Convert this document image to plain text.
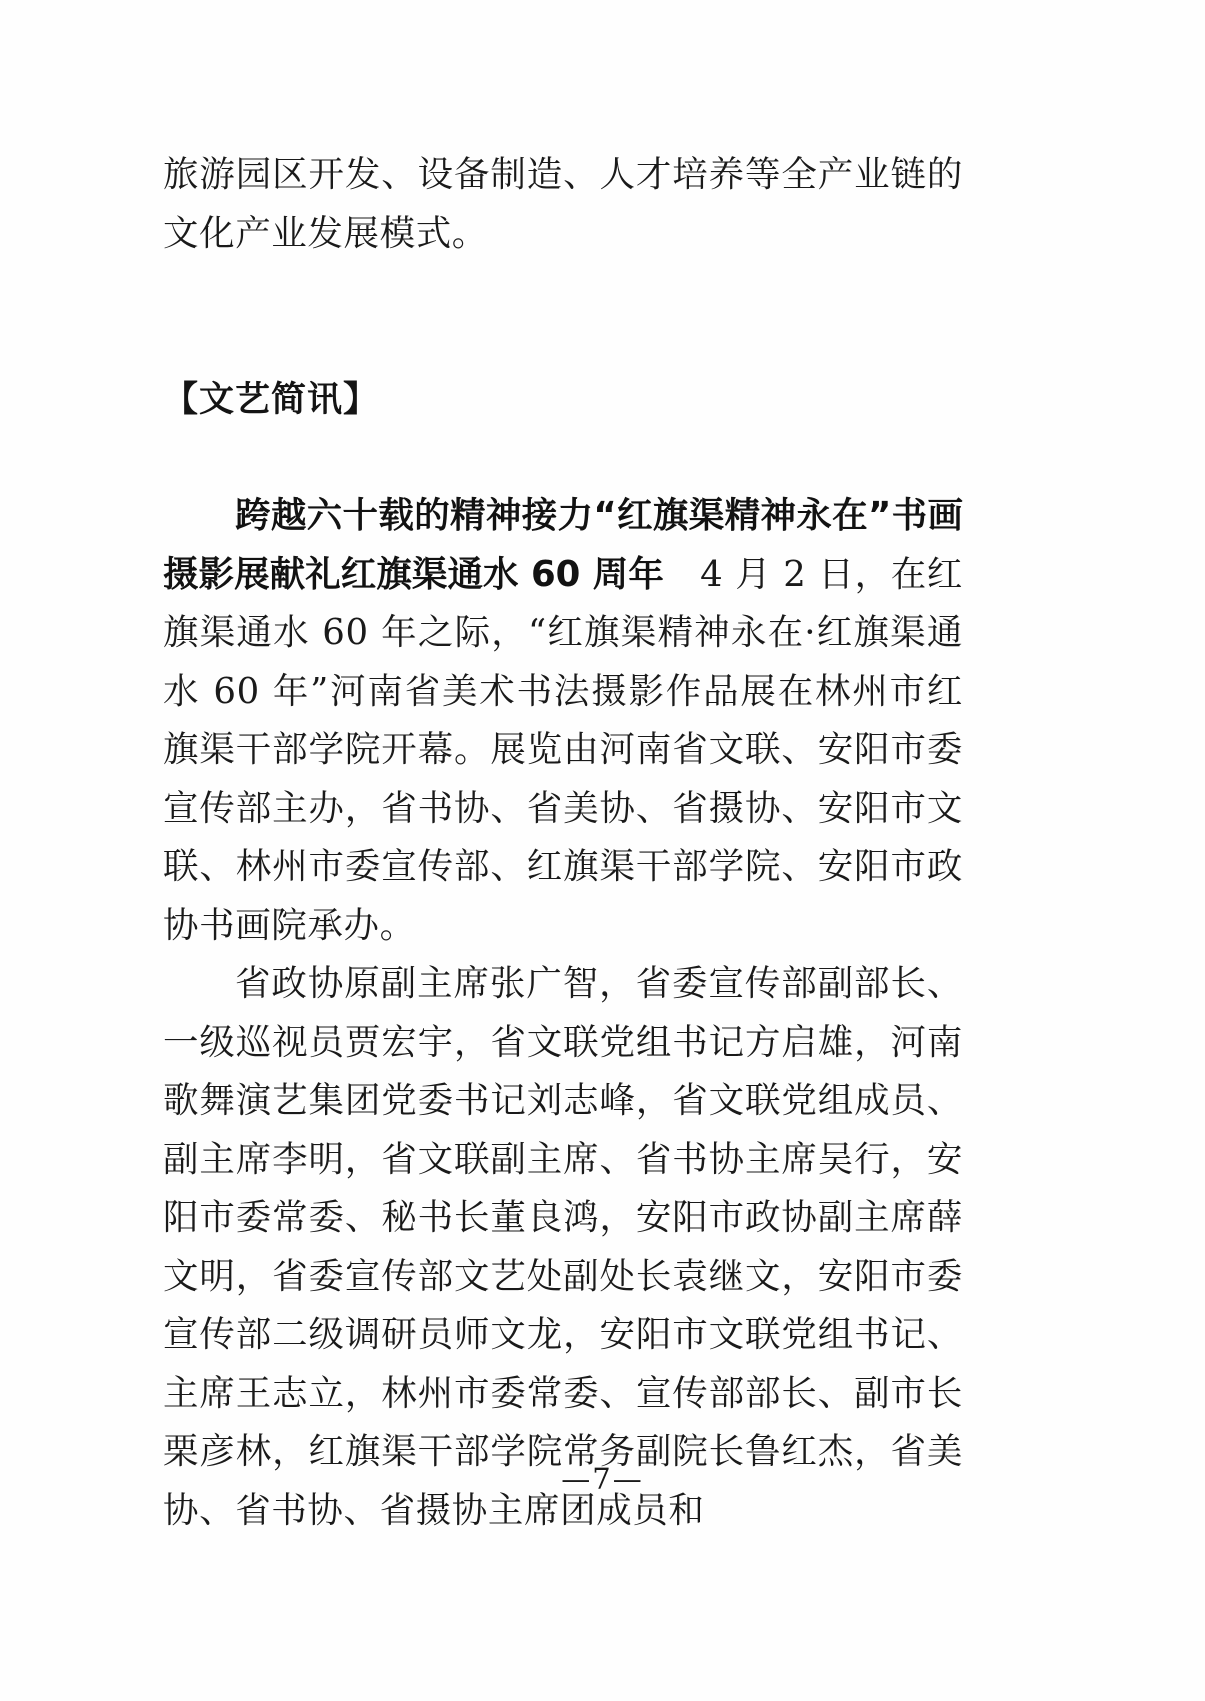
旅游园区开发、设备制造、人才培养等全产业链的文化产业发展模式。

【文艺简讯】

跨越六十载的精神接力“红旗渠精神永在”书画摄影展献礼红旗渠通水 60 周年　 4 月 2 日，在红旗渠通水 60 年之际，“红旗渠精神永在·红旗渠通水 60 年”河南省美术书法摄影作品展在林州市红旗渠干部学院开幕。展览由河南省文联、安阳市委宣传部主办，省书协、省美协、省摄协、安阳市文联、林州市委宣传部、红旗渠干部学院、安阳市政协书画院承办。

省政协原副主席张广智，省委宣传部副部长、一级巡视员贾宏宇，省文联党组书记方启雄，河南歌舞演艺集团党委书记刘志峰，省文联党组成员、副主席李明，省文联副主席、省书协主席吴行，安阳市委常委、秘书长董良鸿，安阳市政协副主席薛文明，省委宣传部文艺处副处长袁继文，安阳市委宣传部二级调研员师文龙，安阳市文联党组书记、主席王志立，林州市委常委、宣传部部长、副市长栗彦林，红旗渠干部学院常务副院长鲁红杰，省美协、省书协、省摄协主席团成员和

—7—
